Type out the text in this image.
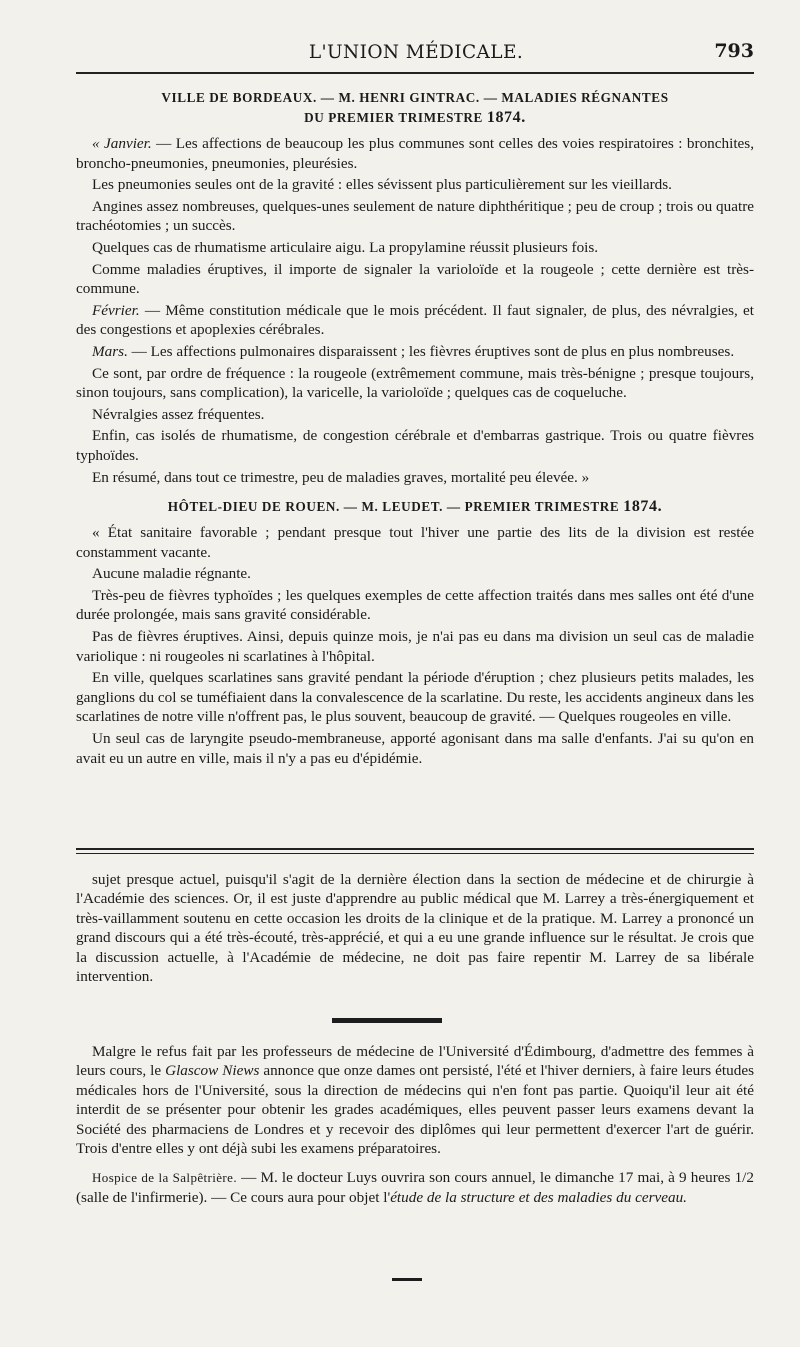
L'UNION MÉDICALE.	793
VILLE DE BORDEAUX. — M. HENRI GINTRAC. — MALADIES RÉGNANTES
DU PREMIER TRIMESTRE 1874.

« Janvier. — Les affections de beaucoup les plus communes sont celles des voies respiratoires : bronchites, broncho-pneumonies, pneumonies, pleurésies.

Les pneumonies seules ont de la gravité : elles sévissent plus particulièrement sur les vieillards.

Angines assez nombreuses, quelques-unes seulement de nature diphthéritique ; peu de croup ; trois ou quatre trachéotomies ; un succès.

Quelques cas de rhumatisme articulaire aigu. La propylamine réussit plusieurs fois.

Comme maladies éruptives, il importe de signaler la varioloïde et la rougeole ; cette dernière est très-commune.

Février. — Même constitution médicale que le mois précédent. Il faut signaler, de plus, des névralgies, et des congestions et apoplexies cérébrales.

Mars. — Les affections pulmonaires disparaissent ; les fièvres éruptives sont de plus en plus nombreuses.

Ce sont, par ordre de fréquence : la rougeole (extrêmement commune, mais très-bénigne ; presque toujours, sinon toujours, sans complication), la varicelle, la varioloïde ; quelques cas de coqueluche.

Névralgies assez fréquentes.

Enfin, cas isolés de rhumatisme, de congestion cérébrale et d'embarras gastrique. Trois ou quatre fièvres typhoïdes.

En résumé, dans tout ce trimestre, peu de maladies graves, mortalité peu élevée. »

HÔTEL-DIEU DE ROUEN. — M. LEUDET. — PREMIER TRIMESTRE 1874.

« État sanitaire favorable ; pendant presque tout l'hiver une partie des lits de la division est restée constamment vacante.

Aucune maladie régnante.

Très-peu de fièvres typhoïdes ; les quelques exemples de cette affection traités dans mes salles ont été d'une durée prolongée, mais sans gravité considérable.

Pas de fièvres éruptives. Ainsi, depuis quinze mois, je n'ai pas eu dans ma division un seul cas de maladie variolique : ni rougeoles ni scarlatines à l'hôpital.

En ville, quelques scarlatines sans gravité pendant la période d'éruption ; chez plusieurs petits malades, les ganglions du col se tuméfiaient dans la convalescence de la scarlatine. Du reste, les accidents angineux dans les scarlatines de notre ville n'offrent pas, le plus souvent, beaucoup de gravité. — Quelques rougeoles en ville.

Un seul cas de laryngite pseudo-membraneuse, apporté agonisant dans ma salle d'enfants. J'ai su qu'on en avait eu un autre en ville, mais il n'y a pas eu d'épidémie.

sujet presque actuel, puisqu'il s'agit de la dernière élection dans la section de médecine et de chirurgie à l'Académie des sciences. Or, il est juste d'apprendre au public médical que M. Larrey a très-énergiquement et très-vaillamment soutenu en cette occasion les droits de la clinique et de la pratique. M. Larrey a prononcé un grand discours qui a été très-écouté, très-apprécié, et qui a eu une grande influence sur le résultat. Je crois que la discussion actuelle, à l'Académie de médecine, ne doit pas faire repentir M. Larrey de sa libérale intervention.

Malgre le refus fait par les professeurs de médecine de l'Université d'Édimbourg, d'admettre des femmes à leurs cours, le Glascow Niews annonce que onze dames ont persisté, l'été et l'hiver derniers, à faire leurs études médicales hors de l'Université, sous la direction de médecins qui n'en font pas partie. Quoiqu'il leur ait été interdit de se présenter pour obtenir les grades académiques, elles peuvent passer leurs examens devant la Société des pharmaciens de Londres et y recevoir des diplômes qui leur permettent d'exercer l'art de guérir. Trois d'entre elles y ont déjà subi les examens préparatoires.

Hospice de la Salpêtrière. — M. le docteur Luys ouvrira son cours annuel, le dimanche 17 mai, à 9 heures 1/2 (salle de l'infirmerie). — Ce cours aura pour objet l'étude de la structure et des maladies du cerveau.
